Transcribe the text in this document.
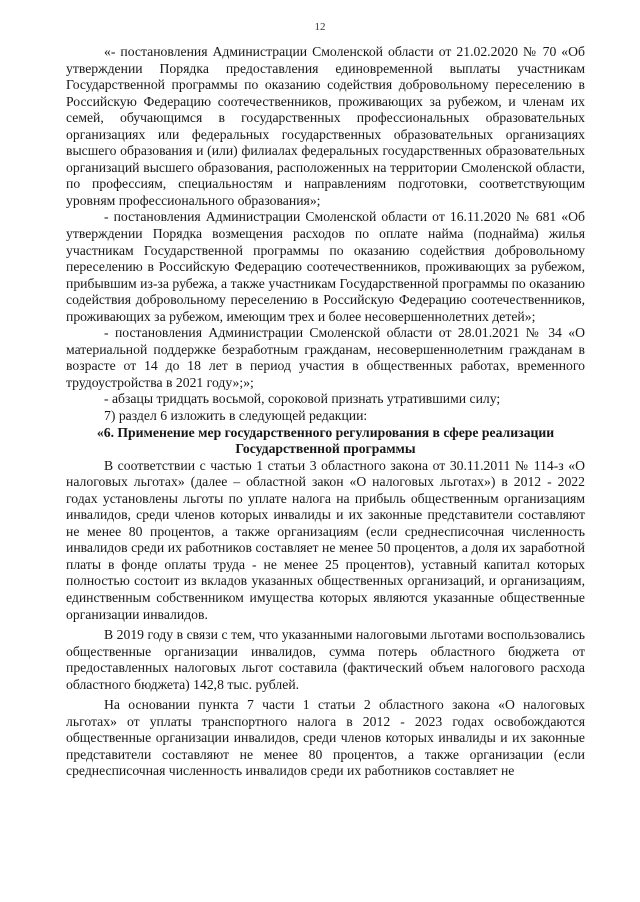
12

«- постановления Администрации Смоленской области от 21.02.2020 № 70 «Об утверждении Порядка предоставления единовременной выплаты участникам Государственной программы по оказанию содействия добровольному переселению в Российскую Федерацию соотечественников, проживающих за рубежом, и членам их семей, обучающимся в государственных профессиональных образовательных организациях или федеральных государственных образовательных организациях высшего образования и (или) филиалах федеральных государственных образовательных организаций высшего образования, расположенных на территории Смоленской области, по профессиям, специальностям и направлениям подготовки, соответствующим уровням профессионального образования»;

- постановления Администрации Смоленской области от 16.11.2020 № 681 «Об утверждении Порядка возмещения расходов по оплате найма (поднайма) жилья участникам Государственной программы по оказанию содействия добровольному переселению в Российскую Федерацию соотечественников, проживающих за рубежом, прибывшим из-за рубежа, а также участникам Государственной программы по оказанию содействия добровольному переселению в Российскую Федерацию соотечественников, проживающих за рубежом, имеющим трех и более несовершеннолетних детей»;

- постановления Администрации Смоленской области от 28.01.2021 № 34 «О материальной поддержке безработным гражданам, несовершеннолетним гражданам в возрасте от 14 до 18 лет в период участия в общественных работах, временного трудоустройства в 2021 году»;»;

- абзацы тридцать восьмой, сороковой признать утратившими силу;

7) раздел 6 изложить в следующей редакции:

«6. Применение мер государственного регулирования в сфере реализации Государственной программы

В соответствии с частью 1 статьи 3 областного закона от 30.11.2011 № 114-з «О налоговых льготах» (далее – областной закон «О налоговых льготах») в 2012 - 2022 годах установлены льготы по уплате налога на прибыль общественным организациям инвалидов, среди членов которых инвалиды и их законные представители составляют не менее 80 процентов, а также организациям (если среднесписочная численность инвалидов среди их работников составляет не менее 50 процентов, а доля их заработной платы в фонде оплаты труда - не менее 25 процентов), уставный капитал которых полностью состоит из вкладов указанных общественных организаций, и организациям, единственным собственником имущества которых являются указанные общественные организации инвалидов.

В 2019 году в связи с тем, что указанными налоговыми льготами воспользовались общественные организации инвалидов, сумма потерь областного бюджета от предоставленных налоговых льгот составила (фактический объем налогового расхода областного бюджета) 142,8 тыс. рублей.

На основании пункта 7 части 1 статьи 2 областного закона «О налоговых льготах» от уплаты транспортного налога в 2012 - 2023 годах освобождаются общественные организации инвалидов, среди членов которых инвалиды и их законные представители составляют не менее 80 процентов, а также организации (если среднесписочная численность инвалидов среди их работников составляет не
